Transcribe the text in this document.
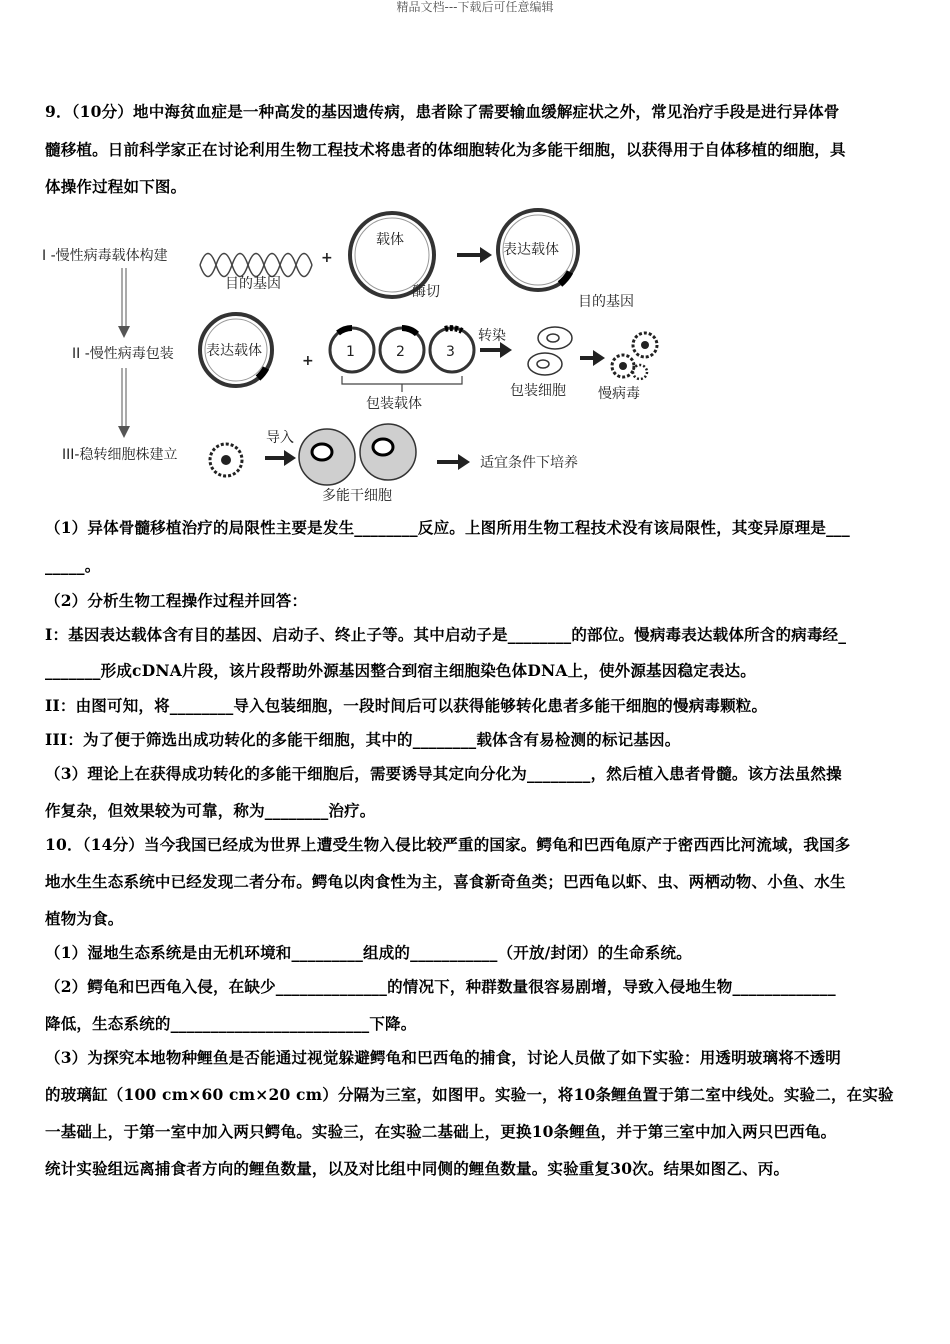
精品文档---下载后可任意编辑
9．（10分）地中海贫血症是一种高发的基因遗传病，患者除了需要输血缓解症状之外，常见治疗手段是进行异体骨
髓移植。日前科学家正在讨论利用生物工程技术将患者的体细胞转化为多能干细胞，以获得用于自体移植的细胞，具
体操作过程如下图。
I -慢性病毒载体构建
II -慢性病毒包装
III-稳转细胞株建立
目的基因
+
载体
酶切
表达载体
目的基因
表达载体
+
1	2	3
包装载体
转染
包装细胞 慢病毒
导入
多能干细胞
适宜条件下培养
（1）异体骨髓移植治疗的局限性主要是发生________反应。上图所用生物工程技术没有该局限性，其变异原理是___
_____。
（2）分析生物工程操作过程并回答：
I：基因表达载体含有目的基因、启动子、终止子等。其中启动子是________的部位。慢病毒表达载体所含的病毒经_
_______形成cDNA片段，该片段帮助外源基因整合到宿主细胞染色体DNA上，使外源基因稳定表达。
II：由图可知，将________导入包装细胞，一段时间后可以获得能够转化患者多能干细胞的慢病毒颗粒。
III：为了便于筛选出成功转化的多能干细胞，其中的________载体含有易检测的标记基因。
（3）理论上在获得成功转化的多能干细胞后，需要诱导其定向分化为________，然后植入患者骨髓。该方法虽然操
作复杂，但效果较为可靠，称为________治疗。
10．（14分）当今我国已经成为世界上遭受生物入侵比较严重的国家。鳄龟和巴西龟原产于密西西比河流域，我国多
地水生生态系统中已经发现二者分布。鳄龟以肉食性为主，喜食新奇鱼类；巴西龟以虾、虫、两栖动物、小鱼、水生
植物为食。
（1）湿地生态系统是由无机环境和_________组成的___________（开放/封闭）的生命系统。
（2）鳄龟和巴西龟入侵，在缺少______________的情况下，种群数量很容易剧增，导致入侵地生物_____________
降低，生态系统的_________________________下降。
（3）为探究本地物种鲤鱼是否能通过视觉躲避鳄龟和巴西龟的捕食，讨论人员做了如下实验：用透明玻璃将不透明
的玻璃缸（100 cm×60 cm×20 cm）分隔为三室，如图甲。实验一，将10条鲤鱼置于第二室中线处。实验二，在实验
一基础上，于第一室中加入两只鳄龟。实验三，在实验二基础上，更换10条鲤鱼，并于第三室中加入两只巴西龟。
统计实验组远离捕食者方向的鲤鱼数量，以及对比组中同侧的鲤鱼数量。实验重复30次。结果如图乙、丙。
